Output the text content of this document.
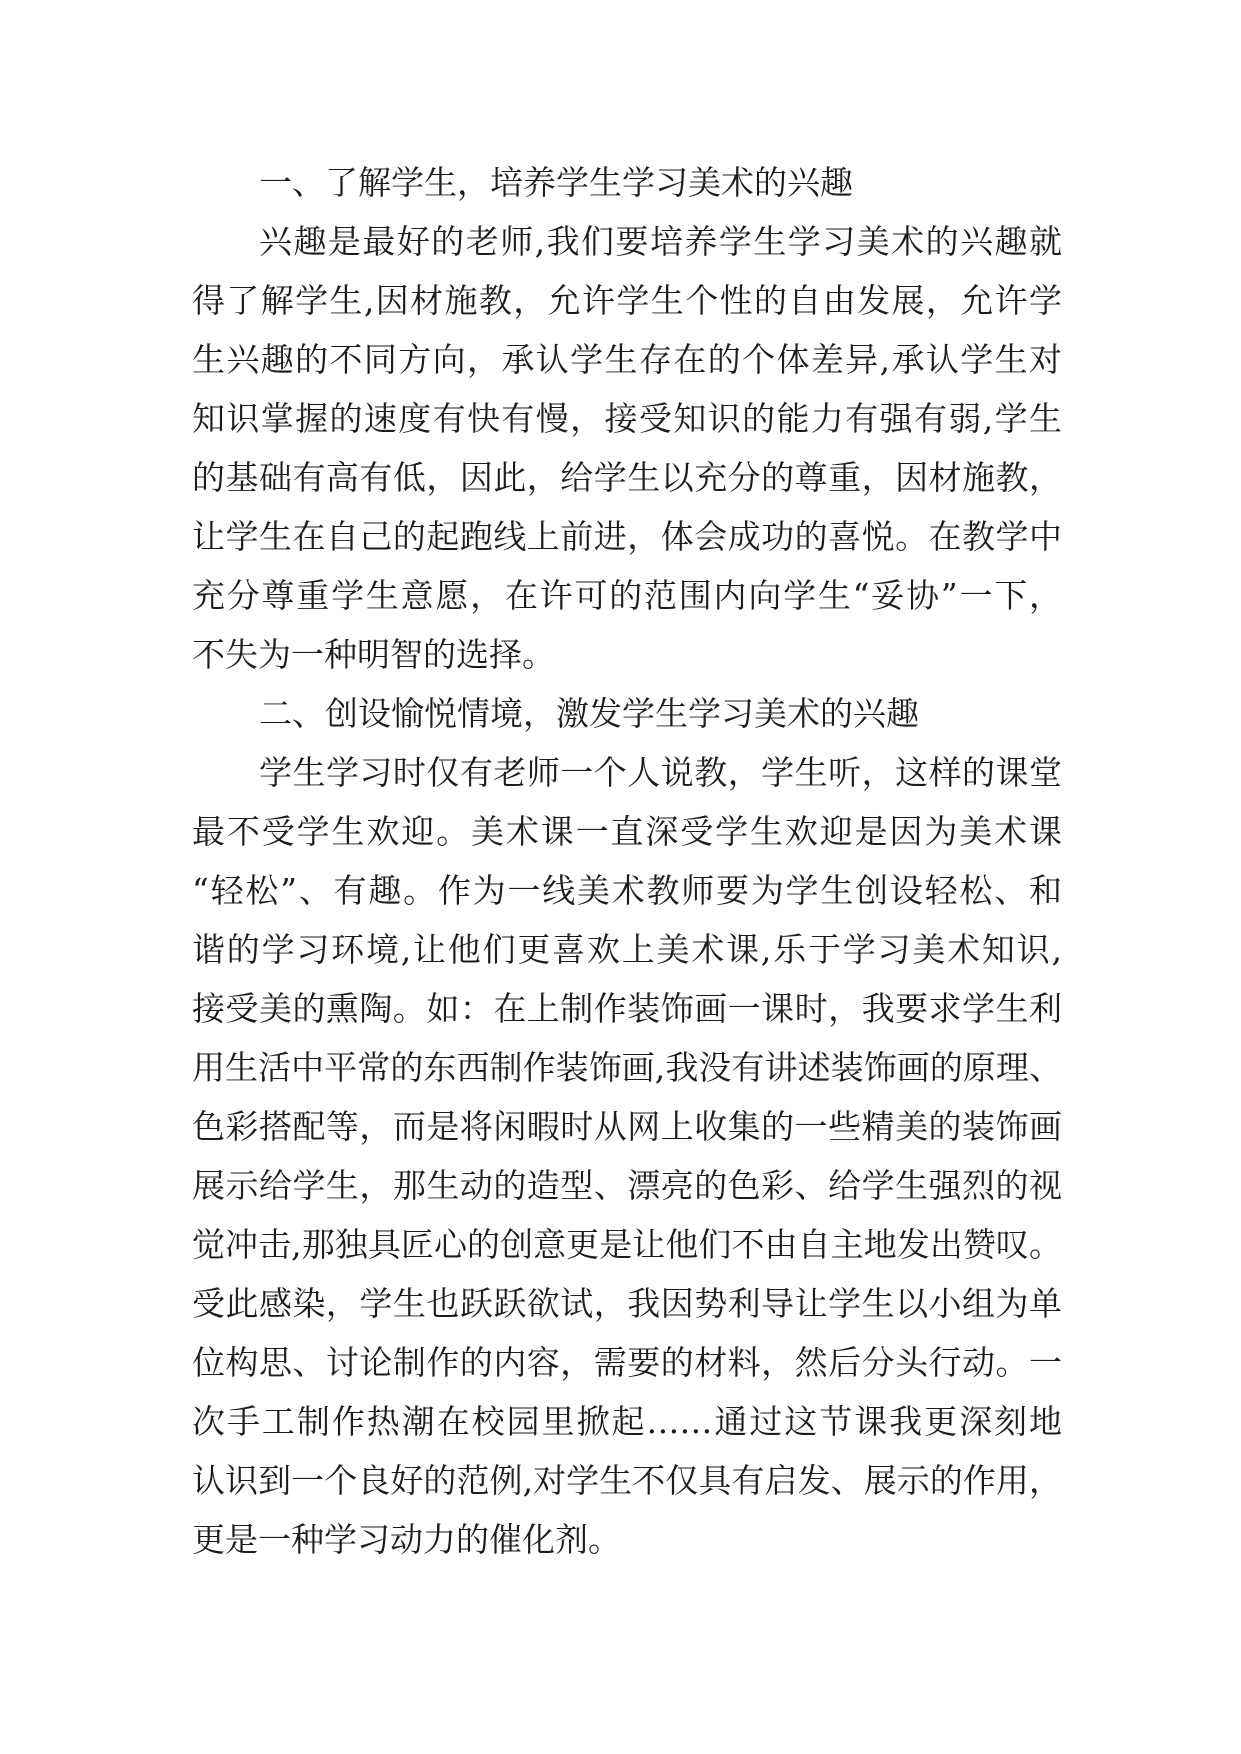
一、了解学生，培养学生学习美术的兴趣
兴趣是最好的老师,我们要培养学生学习美术的兴趣就
得了解学生,因材施教，允许学生个性的自由发展，允许学
生兴趣的不同方向，承认学生存在的个体差异,承认学生对
知识掌握的速度有快有慢，接受知识的能力有强有弱,学生
的基础有高有低，因此，给学生以充分的尊重，因材施教，
让学生在自己的起跑线上前进，体会成功的喜悦。在教学中
充分尊重学生意愿，在许可的范围内向学生“妥协”一下，
不失为一种明智的选择。
二、创设愉悦情境，激发学生学习美术的兴趣
学生学习时仅有老师一个人说教，学生听，这样的课堂
最不受学生欢迎。美术课一直深受学生欢迎是因为美术课
“轻松”、有趣。作为一线美术教师要为学生创设轻松、和
谐的学习环境,让他们更喜欢上美术课,乐于学习美术知识,
接受美的熏陶。如：在上制作装饰画一课时，我要求学生利
用生活中平常的东西制作装饰画,我没有讲述装饰画的原理、
色彩搭配等，而是将闲暇时从网上收集的一些精美的装饰画
展示给学生，那生动的造型、漂亮的色彩、给学生强烈的视
觉冲击,那独具匠心的创意更是让他们不由自主地发出赞叹。
受此感染，学生也跃跃欲试，我因势利导让学生以小组为单
位构思、讨论制作的内容，需要的材料，然后分头行动。一
次手工制作热潮在校园里掀起……通过这节课我更深刻地
认识到一个良好的范例,对学生不仅具有启发、展示的作用，
更是一种学习动力的催化剂。
